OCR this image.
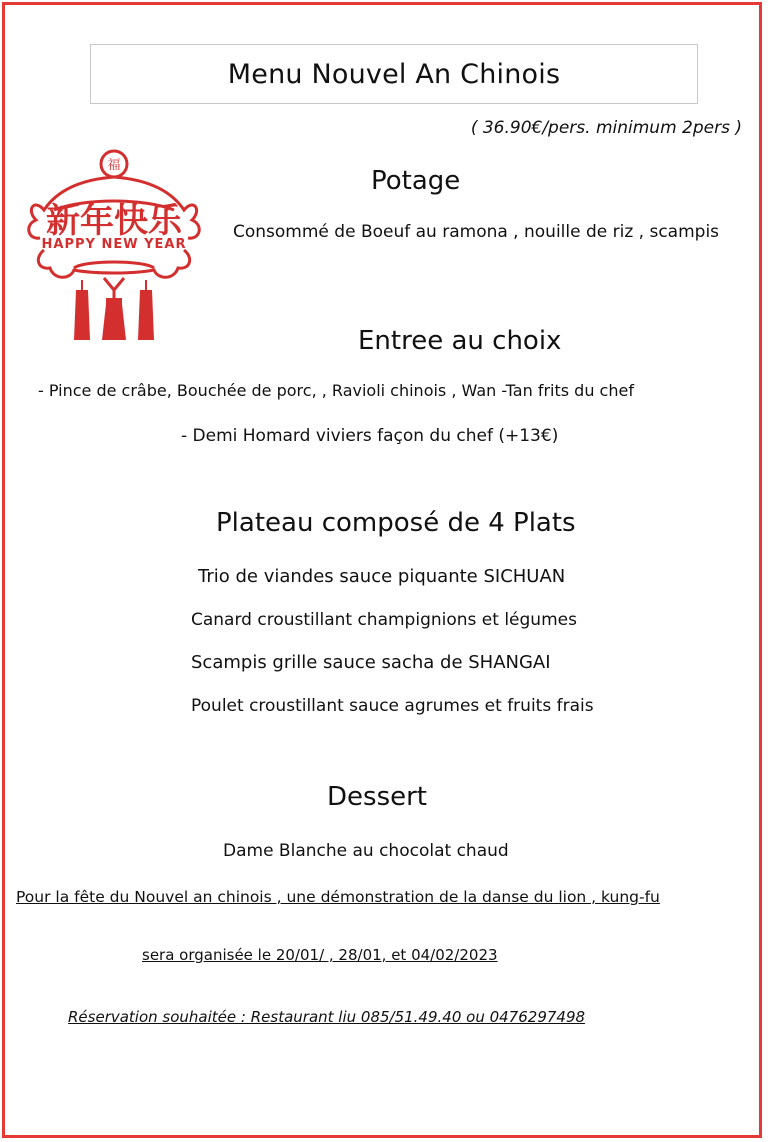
Menu Nouvel An Chinois
( 36.90€/pers. minimum 2pers )
福
新年快乐
HAPPY NEW YEAR
Potage
Consommé de Boeuf au ramona , nouille de riz , scampis
Entree au choix
- Pince de crâbe, Bouchée de porc, , Ravioli chinois , Wan -Tan frits du chef
- Demi Homard viviers façon du chef (+13€)
Plateau composé de 4 Plats
Trio de viandes sauce piquante SICHUAN
Canard croustillant champignions et légumes
Scampis grille sauce sacha de SHANGAI
Poulet croustillant sauce agrumes et fruits frais
Dessert
Dame Blanche au chocolat chaud
Pour la fête du Nouvel an chinois , une démonstration de la danse du lion , kung-fu
sera organisée le 20/01/ , 28/01, et 04/02/2023
Réservation souhaitée : Restaurant liu 085/51.49.40 ou 0476297498
